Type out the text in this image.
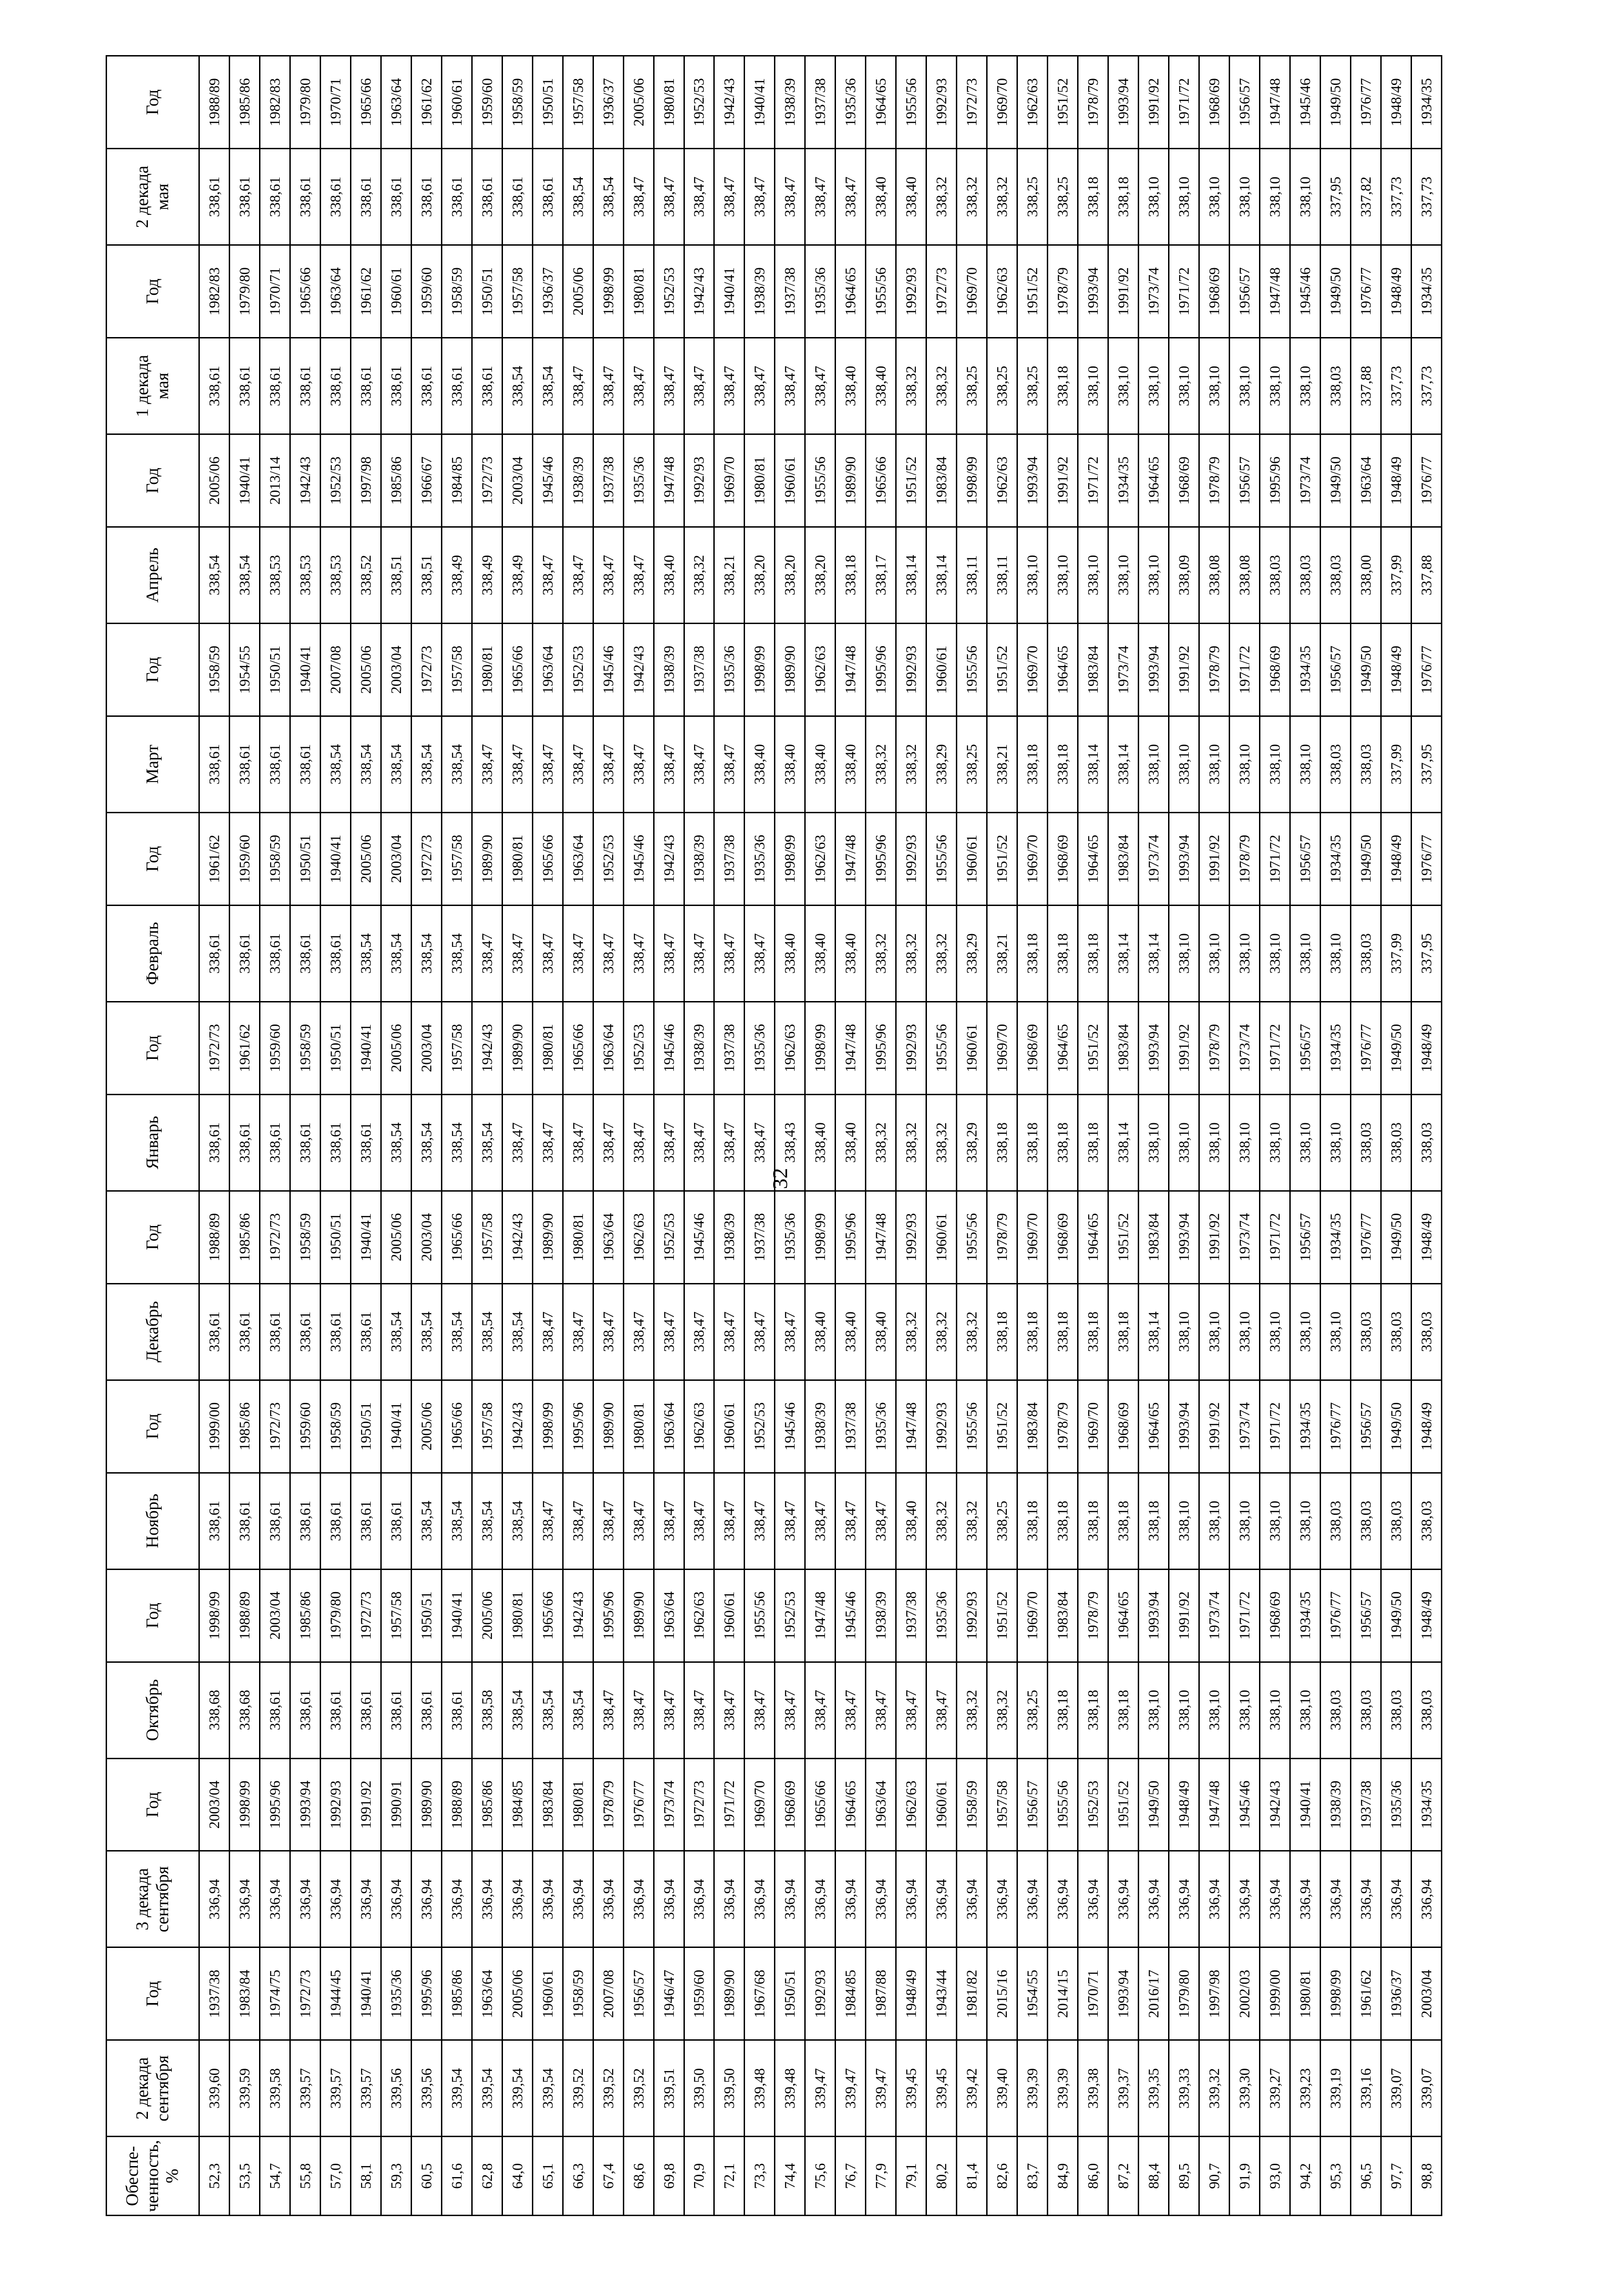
32
Обеспе-ченность, %	2 декада сентября	Год	3 декада сентября	Год	Октябрь	Год	Ноябрь	Год	Декабрь	Год	Январь	Год	Февраль	Год	Март	Год	Апрель	Год	1 декада мая	Год	2 декада мая	Год
52,3	339,60	1937/38	336,94	2003/04	338,68	1998/99	338,61	1999/00	338,61	1988/89	338,61	1972/73	338,61	1961/62	338,61	1958/59	338,54	2005/06	338,61	1982/83	338,61	1988/89
53,5	339,59	1983/84	336,94	1998/99	338,68	1988/89	338,61	1985/86	338,61	1985/86	338,61	1961/62	338,61	1959/60	338,61	1954/55	338,54	1940/41	338,61	1979/80	338,61	1985/86
54,7	339,58	1974/75	336,94	1995/96	338,61	2003/04	338,61	1972/73	338,61	1972/73	338,61	1959/60	338,61	1958/59	338,61	1950/51	338,53	2013/14	338,61	1970/71	338,61	1982/83
55,8	339,57	1972/73	336,94	1993/94	338,61	1985/86	338,61	1959/60	338,61	1958/59	338,61	1958/59	338,61	1950/51	338,61	1940/41	338,53	1942/43	338,61	1965/66	338,61	1979/80
57,0	339,57	1944/45	336,94	1992/93	338,61	1979/80	338,61	1958/59	338,61	1950/51	338,61	1950/51	338,61	1940/41	338,54	2007/08	338,53	1952/53	338,61	1963/64	338,61	1970/71
58,1	339,57	1940/41	336,94	1991/92	338,61	1972/73	338,61	1950/51	338,61	1940/41	338,61	1940/41	338,54	2005/06	338,54	2005/06	338,52	1997/98	338,61	1961/62	338,61	1965/66
59,3	339,56	1935/36	336,94	1990/91	338,61	1957/58	338,61	1940/41	338,54	2005/06	338,54	2005/06	338,54	2003/04	338,54	2003/04	338,51	1985/86	338,61	1960/61	338,61	1963/64
60,5	339,56	1995/96	336,94	1989/90	338,61	1950/51	338,54	2005/06	338,54	2003/04	338,54	2003/04	338,54	1972/73	338,54	1972/73	338,51	1966/67	338,61	1959/60	338,61	1961/62
61,6	339,54	1985/86	336,94	1988/89	338,61	1940/41	338,54	1965/66	338,54	1965/66	338,54	1957/58	338,54	1957/58	338,54	1957/58	338,49	1984/85	338,61	1958/59	338,61	1960/61
62,8	339,54	1963/64	336,94	1985/86	338,58	2005/06	338,54	1957/58	338,54	1957/58	338,54	1942/43	338,47	1989/90	338,47	1980/81	338,49	1972/73	338,61	1950/51	338,61	1959/60
64,0	339,54	2005/06	336,94	1984/85	338,54	1980/81	338,54	1942/43	338,54	1942/43	338,47	1989/90	338,47	1980/81	338,47	1965/66	338,49	2003/04	338,54	1957/58	338,61	1958/59
65,1	339,54	1960/61	336,94	1983/84	338,54	1965/66	338,47	1998/99	338,47	1989/90	338,47	1980/81	338,47	1965/66	338,47	1963/64	338,47	1945/46	338,54	1936/37	338,61	1950/51
66,3	339,52	1958/59	336,94	1980/81	338,54	1942/43	338,47	1995/96	338,47	1980/81	338,47	1965/66	338,47	1963/64	338,47	1952/53	338,47	1938/39	338,47	2005/06	338,54	1957/58
67,4	339,52	2007/08	336,94	1978/79	338,47	1995/96	338,47	1989/90	338,47	1963/64	338,47	1963/64	338,47	1952/53	338,47	1945/46	338,47	1937/38	338,47	1998/99	338,54	1936/37
68,6	339,52	1956/57	336,94	1976/77	338,47	1989/90	338,47	1980/81	338,47	1962/63	338,47	1952/53	338,47	1945/46	338,47	1942/43	338,47	1935/36	338,47	1980/81	338,47	2005/06
69,8	339,51	1946/47	336,94	1973/74	338,47	1963/64	338,47	1963/64	338,47	1952/53	338,47	1945/46	338,47	1942/43	338,47	1938/39	338,40	1947/48	338,47	1952/53	338,47	1980/81
70,9	339,50	1959/60	336,94	1972/73	338,47	1962/63	338,47	1962/63	338,47	1945/46	338,47	1938/39	338,47	1938/39	338,47	1937/38	338,32	1992/93	338,47	1942/43	338,47	1952/53
72,1	339,50	1989/90	336,94	1971/72	338,47	1960/61	338,47	1960/61	338,47	1938/39	338,47	1937/38	338,47	1937/38	338,47	1935/36	338,21	1969/70	338,47	1940/41	338,47	1942/43
73,3	339,48	1967/68	336,94	1969/70	338,47	1955/56	338,47	1952/53	338,47	1937/38	338,47	1935/36	338,47	1935/36	338,40	1998/99	338,20	1980/81	338,47	1938/39	338,47	1940/41
74,4	339,48	1950/51	336,94	1968/69	338,47	1952/53	338,47	1945/46	338,47	1935/36	338,43	1962/63	338,40	1998/99	338,40	1989/90	338,20	1960/61	338,47	1937/38	338,47	1938/39
75,6	339,47	1992/93	336,94	1965/66	338,47	1947/48	338,47	1938/39	338,40	1998/99	338,40	1998/99	338,40	1962/63	338,40	1962/63	338,20	1955/56	338,47	1935/36	338,47	1937/38
76,7	339,47	1984/85	336,94	1964/65	338,47	1945/46	338,47	1937/38	338,40	1995/96	338,40	1947/48	338,40	1947/48	338,40	1947/48	338,18	1989/90	338,40	1964/65	338,47	1935/36
77,9	339,47	1987/88	336,94	1963/64	338,47	1938/39	338,47	1935/36	338,40	1947/48	338,32	1995/96	338,32	1995/96	338,32	1995/96	338,17	1965/66	338,40	1955/56	338,40	1964/65
79,1	339,45	1948/49	336,94	1962/63	338,47	1937/38	338,40	1947/48	338,32	1992/93	338,32	1992/93	338,32	1992/93	338,32	1992/93	338,14	1951/52	338,32	1992/93	338,40	1955/56
80,2	339,45	1943/44	336,94	1960/61	338,47	1935/36	338,32	1992/93	338,32	1960/61	338,32	1955/56	338,32	1955/56	338,29	1960/61	338,14	1983/84	338,32	1972/73	338,32	1992/93
81,4	339,42	1981/82	336,94	1958/59	338,32	1992/93	338,32	1955/56	338,32	1955/56	338,29	1960/61	338,29	1960/61	338,25	1955/56	338,11	1998/99	338,25	1969/70	338,32	1972/73
82,6	339,40	2015/16	336,94	1957/58	338,32	1951/52	338,25	1951/52	338,18	1978/79	338,18	1969/70	338,21	1951/52	338,21	1951/52	338,11	1962/63	338,25	1962/63	338,32	1969/70
83,7	339,39	1954/55	336,94	1956/57	338,25	1969/70	338,18	1983/84	338,18	1969/70	338,18	1968/69	338,18	1969/70	338,18	1969/70	338,10	1993/94	338,25	1951/52	338,25	1962/63
84,9	339,39	2014/15	336,94	1955/56	338,18	1983/84	338,18	1978/79	338,18	1968/69	338,18	1964/65	338,18	1968/69	338,18	1964/65	338,10	1991/92	338,18	1978/79	338,25	1951/52
86,0	339,38	1970/71	336,94	1952/53	338,18	1978/79	338,18	1969/70	338,18	1964/65	338,18	1951/52	338,18	1964/65	338,14	1983/84	338,10	1971/72	338,10	1993/94	338,18	1978/79
87,2	339,37	1993/94	336,94	1951/52	338,18	1964/65	338,18	1968/69	338,18	1951/52	338,14	1983/84	338,14	1983/84	338,14	1973/74	338,10	1934/35	338,10	1991/92	338,18	1993/94
88,4	339,35	2016/17	336,94	1949/50	338,10	1993/94	338,18	1964/65	338,14	1983/84	338,10	1993/94	338,14	1973/74	338,10	1993/94	338,10	1964/65	338,10	1973/74	338,10	1991/92
89,5	339,33	1979/80	336,94	1948/49	338,10	1991/92	338,10	1993/94	338,10	1993/94	338,10	1991/92	338,10	1993/94	338,10	1991/92	338,09	1968/69	338,10	1971/72	338,10	1971/72
90,7	339,32	1997/98	336,94	1947/48	338,10	1973/74	338,10	1991/92	338,10	1991/92	338,10	1978/79	338,10	1991/92	338,10	1978/79	338,08	1978/79	338,10	1968/69	338,10	1968/69
91,9	339,30	2002/03	336,94	1945/46	338,10	1971/72	338,10	1973/74	338,10	1973/74	338,10	1973/74	338,10	1978/79	338,10	1971/72	338,08	1956/57	338,10	1956/57	338,10	1956/57
93,0	339,27	1999/00	336,94	1942/43	338,10	1968/69	338,10	1971/72	338,10	1971/72	338,10	1971/72	338,10	1971/72	338,10	1968/69	338,03	1995/96	338,10	1947/48	338,10	1947/48
94,2	339,23	1980/81	336,94	1940/41	338,10	1934/35	338,10	1934/35	338,10	1956/57	338,10	1956/57	338,10	1956/57	338,10	1934/35	338,03	1973/74	338,10	1945/46	338,10	1945/46
95,3	339,19	1998/99	336,94	1938/39	338,03	1976/77	338,03	1976/77	338,10	1934/35	338,10	1934/35	338,10	1934/35	338,03	1956/57	338,03	1949/50	338,03	1949/50	337,95	1949/50
96,5	339,16	1961/62	336,94	1937/38	338,03	1956/57	338,03	1956/57	338,03	1976/77	338,03	1976/77	338,03	1949/50	338,03	1949/50	338,00	1963/64	337,88	1976/77	337,82	1976/77
97,7	339,07	1936/37	336,94	1935/36	338,03	1949/50	338,03	1949/50	338,03	1949/50	338,03	1949/50	337,99	1948/49	337,99	1948/49	337,99	1948/49	337,73	1948/49	337,73	1948/49
98,8	339,07	2003/04	336,94	1934/35	338,03	1948/49	338,03	1948/49	338,03	1948/49	338,03	1948/49	337,95	1976/77	337,95	1976/77	337,88	1976/77	337,73	1934/35	337,73	1934/35
